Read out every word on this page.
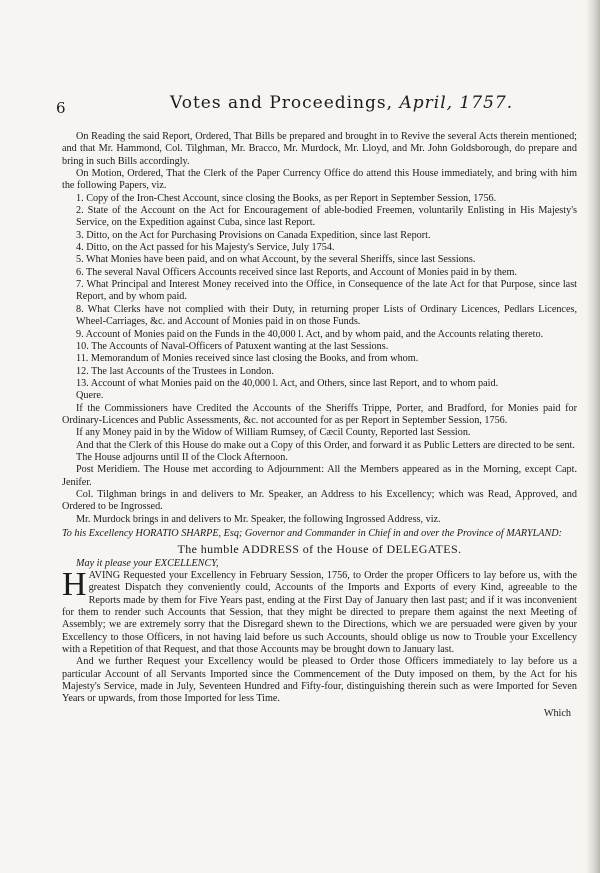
6	Votes and Proceedings, April, 1757.

On Reading the said Report, Ordered, That Bills be prepared and brought in to Revive the several Acts therein mentioned; and that Mr. Hammond, Col. Tilghman, Mr. Bracco, Mr. Murdock, Mr. Lloyd, and Mr. John Goldsborough, do prepare and bring in such Bills accordingly.

On Motion, Ordered, That the Clerk of the Paper Currency Office do attend this House immediately, and bring with him the following Papers, viz.

1. Copy of the Iron-Chest Account, since closing the Books, as per Report in September Session, 1756.

2. State of the Account on the Act for Encouragement of able-bodied Freemen, voluntarily Enlisting in His Majesty's Service, on the Expedition against Cuba, since last Report.

3. Ditto, on the Act for Purchasing Provisions on Canada Expedition, since last Report.

4. Ditto, on the Act passed for his Majesty's Service, July 1754.

5. What Monies have been paid, and on what Account, by the several Sheriffs, since last Sessions.

6. The several Naval Officers Accounts received since last Reports, and Account of Monies paid in by them.

7. What Principal and Interest Money received into the Office, in Consequence of the late Act for that Purpose, since last Report, and by whom paid.

8. What Clerks have not complied with their Duty, in returning proper Lists of Ordinary Licences, Pedlars Licences, Wheel-Carriages, &c. and Account of Monies paid in on those Funds.

9. Account of Monies paid on the Funds in the 40,000 l. Act, and by whom paid, and the Accounts relating thereto.

10. The Accounts of Naval-Officers of Patuxent wanting at the last Sessions.

11. Memorandum of Monies received since last closing the Books, and from whom.

12. The last Accounts of the Trustees in London.

13. Account of what Monies paid on the 40,000 l. Act, and Others, since last Report, and to whom paid.

Quere.

If the Commissioners have Credited the Accounts of the Sheriffs Trippe, Porter, and Bradford, for Monies paid for Ordinary-Licences and Public Assessments, &c. not accounted for as per Report in September Session, 1756.

If any Money paid in by the Widow of William Rumsey, of Cæcil County, Reported last Session.

And that the Clerk of this House do make out a Copy of this Order, and forward it as Public Letters are directed to be sent.

The House adjourns until II of the Clock Afternoon.

Post Meridiem. The House met according to Adjournment: All the Members appeared as in the Morning, except Capt. Jenifer.

Col. Tilghman brings in and delivers to Mr. Speaker, an Address to his Excellency; which was Read, Approved, and Ordered to be Ingrossed.

Mr. Murdock brings in and delivers to Mr. Speaker, the following Ingrossed Address, viz.

To his Excellency HORATIO SHARPE, Esq; Governor and Commander in Chief in and over the Province of MARYLAND:

The humble ADDRESS of the House of DELEGATES.

May it please your EXCELLENCY,

HAVING Requested your Excellency in February Session, 1756, to Order the proper Officers to lay before us, with the greatest Dispatch they conveniently could, Accounts of the Imports and Exports of every Kind, agreeable to the Reports made by them for Five Years past, ending at the First Day of January then last past; and if it was inconvenient for them to render such Accounts that Session, that they might be directed to prepare them against the next Meeting of Assembly; we are extremely sorry that the Disregard shewn to the Directions, which we are persuaded were given by your Excellency to those Officers, in not having laid before us such Accounts, should oblige us now to Trouble your Excellency with a Repetition of that Request, and that those Accounts may be brought down to January last.

And we further Request your Excellency would be pleased to Order those Officers immediately to lay before us a particular Account of all Servants Imported since the Commencement of the Duty imposed on them, by the Act for his Majesty's Service, made in July, Seventeen Hundred and Fifty-four, distinguishing therein such as were Imported for Seven Years or upwards, from those Imported for less Time.

Which
